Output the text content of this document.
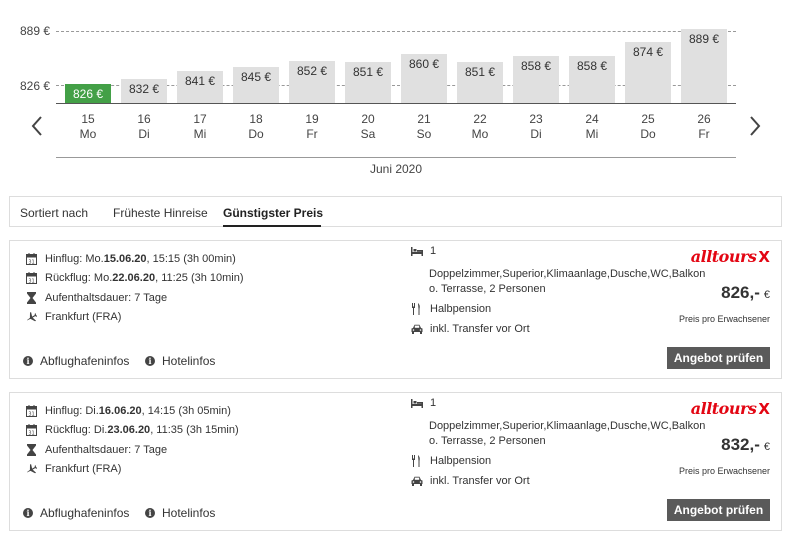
889 €
826 €
826 €	832 €
841 €	845 €	852 €	851 €
860 €
851 €	858 €	858 €
874 €
889 €
15
Mo
16
Di
17
Mi
18
Do
19
Fr
20
Sa
21
So
22
Mo
23
Di
24
Mi
25
Do
26
Fr
Juni 2020
Sortiert nach Früheste Hinreise Günstigster Preis
31 Hinflug: Mo. 15.06.20 , 15:15 (3h 00min)
31 Rückflug: Mo. 22.06.20 , 11:25 (3h 10min)
Aufenthaltsdauer: 7 Tage
Frankfurt (FRA)
1
Doppelzimmer,Superior,Klimaanlage,Dusche,WC,Balkon
o. Terrasse, 2 Personen
Halbpension
inkl. Transfer vor Ort
i Abflughafeninfos	i Hotelinfos
alltours X
826,- €
Preis pro Erwachsener
Angebot prüfen
31 Hinflug: Di. 16.06.20 , 14:15 (3h 05min)
31 Rückflug: Di. 23.06.20 , 11:35 (3h 15min)
Aufenthaltsdauer: 7 Tage
Frankfurt (FRA)
1
Doppelzimmer,Superior,Klimaanlage,Dusche,WC,Balkon
o. Terrasse, 2 Personen
Halbpension
inkl. Transfer vor Ort
i Abflughafeninfos	i Hotelinfos
alltours X
832,- €
Preis pro Erwachsener
Angebot prüfen
